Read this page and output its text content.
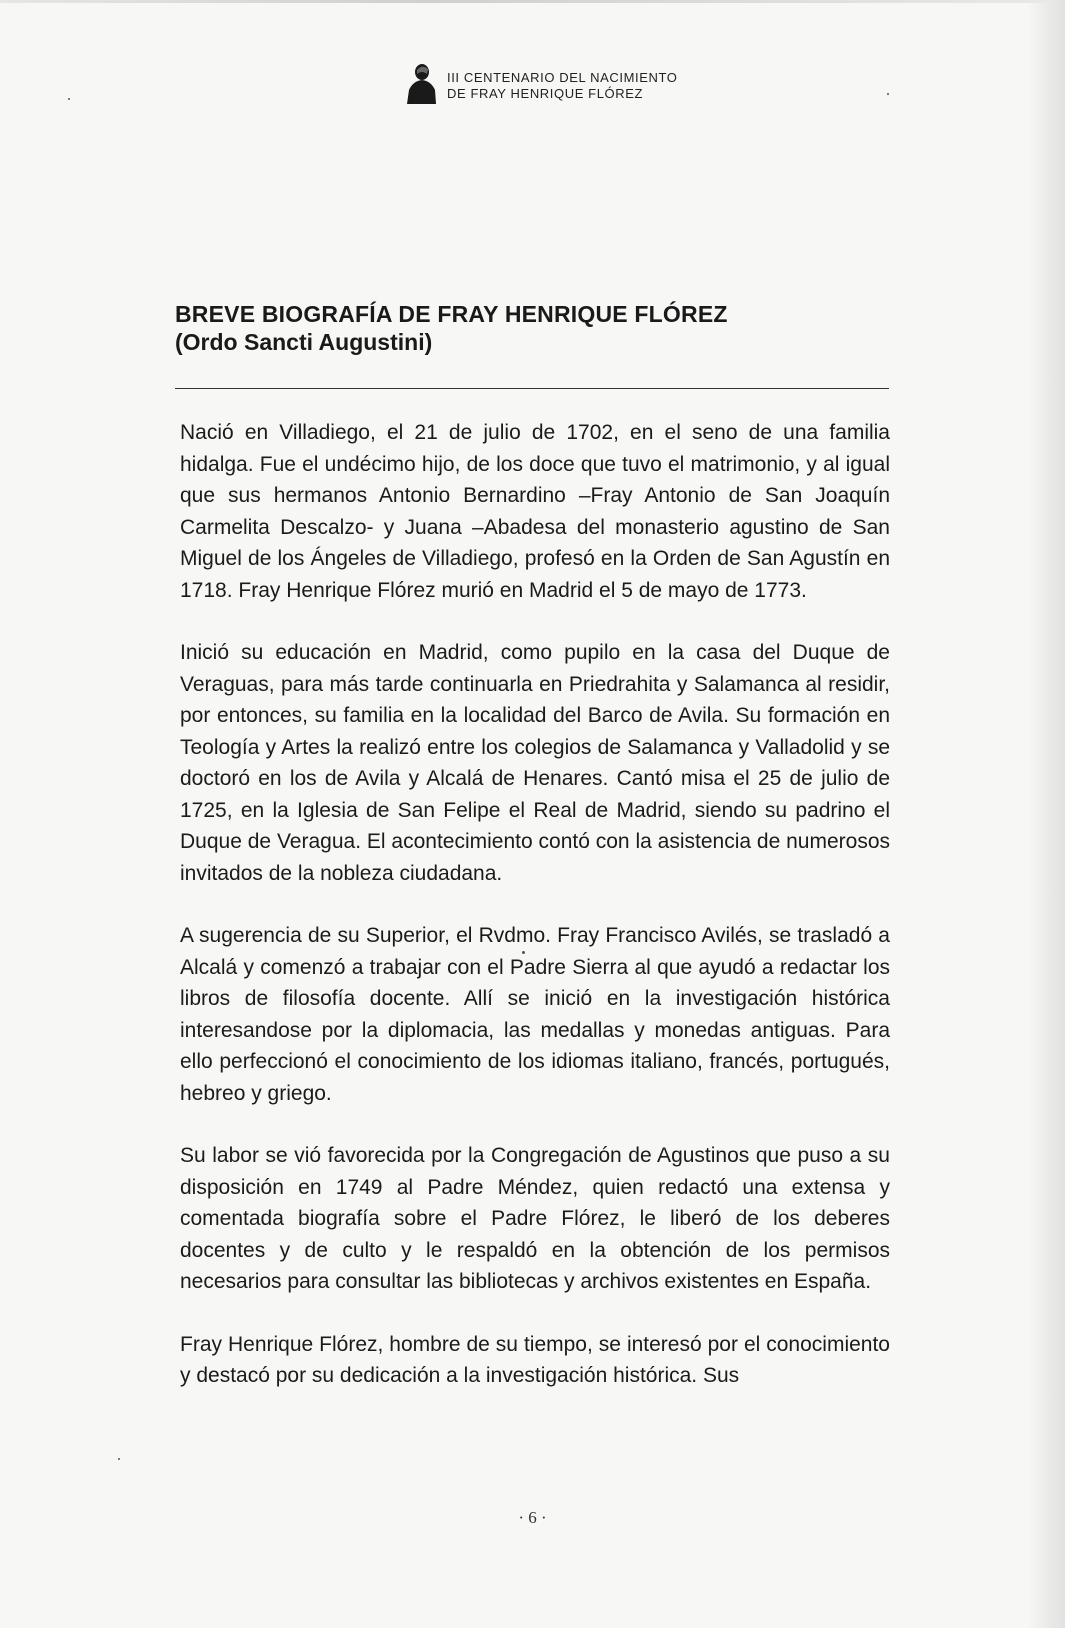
III CENTENARIO DEL NACIMIENTO
DE FRAY HENRIQUE FLÓREZ
BREVE BIOGRAFÍA DE FRAY HENRIQUE FLÓREZ
(Ordo Sancti Augustini)

Nació en Villadiego, el 21 de julio de 1702, en el seno de una familia hidalga. Fue el undécimo hijo, de los doce que tuvo el matrimonio, y al igual que sus hermanos Antonio Bernardino –Fray Antonio de San Joaquín Carmelita Descalzo- y Juana –Abadesa del monasterio agustino de San Miguel de los Ángeles de Villadiego, profesó en la Orden de San Agustín en 1718. Fray Henrique Flórez murió en Madrid el 5 de mayo de 1773.

Inició su educación en Madrid, como pupilo en la casa del Duque de Veraguas, para más tarde continuarla en Priedrahita y Salamanca al residir, por entonces, su familia en la localidad del Barco de Avila. Su formación en Teología y Artes la realizó entre los colegios de Salamanca y Valladolid y se doctoró en los de Avila y Alcalá de Henares. Cantó misa el 25 de julio de 1725, en la Iglesia de San Felipe el Real de Madrid, siendo su padrino el Duque de Veragua. El acontecimiento contó con la asistencia de numerosos invitados de la nobleza ciudadana.

A sugerencia de su Superior, el Rvdmo. Fray Francisco Avilés, se trasladó a Alcalá y comenzó a trabajar con el Padre Sierra al que ayudó a redactar los libros de filosofía docente. Allí se inició en la investigación histórica interesandose por la diplomacia, las medallas y monedas antiguas. Para ello perfeccionó el conocimiento de los idiomas italiano, francés, portugués, hebreo y griego.

Su labor se vió favorecida por la Congregación de Agustinos que puso a su disposición en 1749 al Padre Méndez, quien redactó una extensa y comentada biografía sobre el Padre Flórez, le liberó de los deberes docentes y de culto y le respaldó en la obtención de los permisos necesarios para consultar las bibliotecas y archivos existentes en España.

Fray Henrique Flórez, hombre de su tiempo, se interesó por el conocimiento y destacó por su dedicación a la investigación histórica. Sus

· 6 ·
